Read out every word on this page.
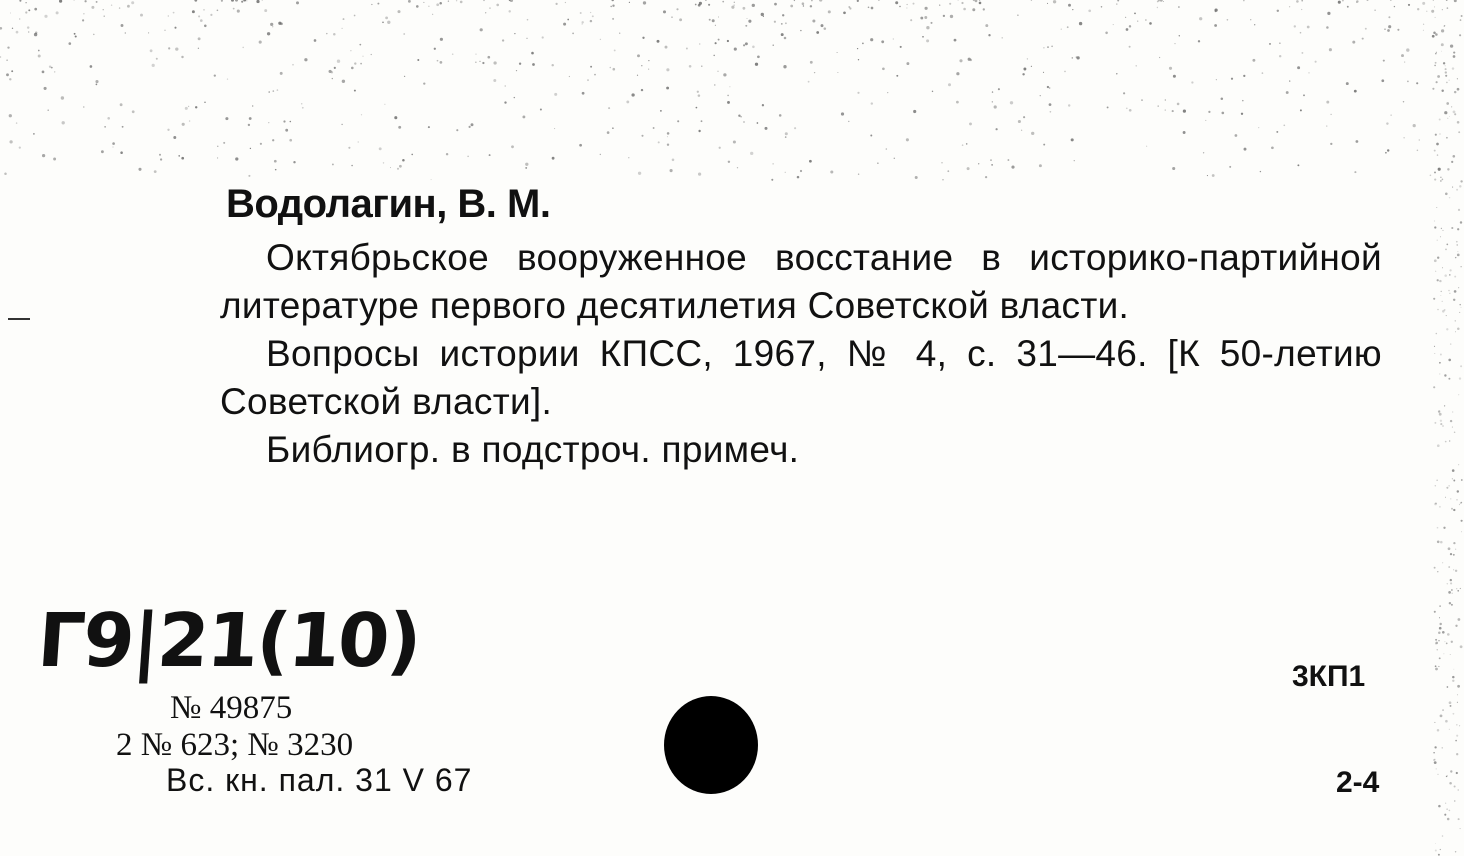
Водолагин, В. М.

Октябрьское вооруженное восстание в историко-партийной литературе первого десятилетия Советской власти.

Вопросы истории КПСС, 1967, № 4, с. 31—46. [К 50-летию Советской власти].

Библиогр. в подстроч. примеч.

Г9|21(10)
№ 49875
2 № 623; № 3230
Вс. кн. пал. 31 V 67
3КП1
2-4
